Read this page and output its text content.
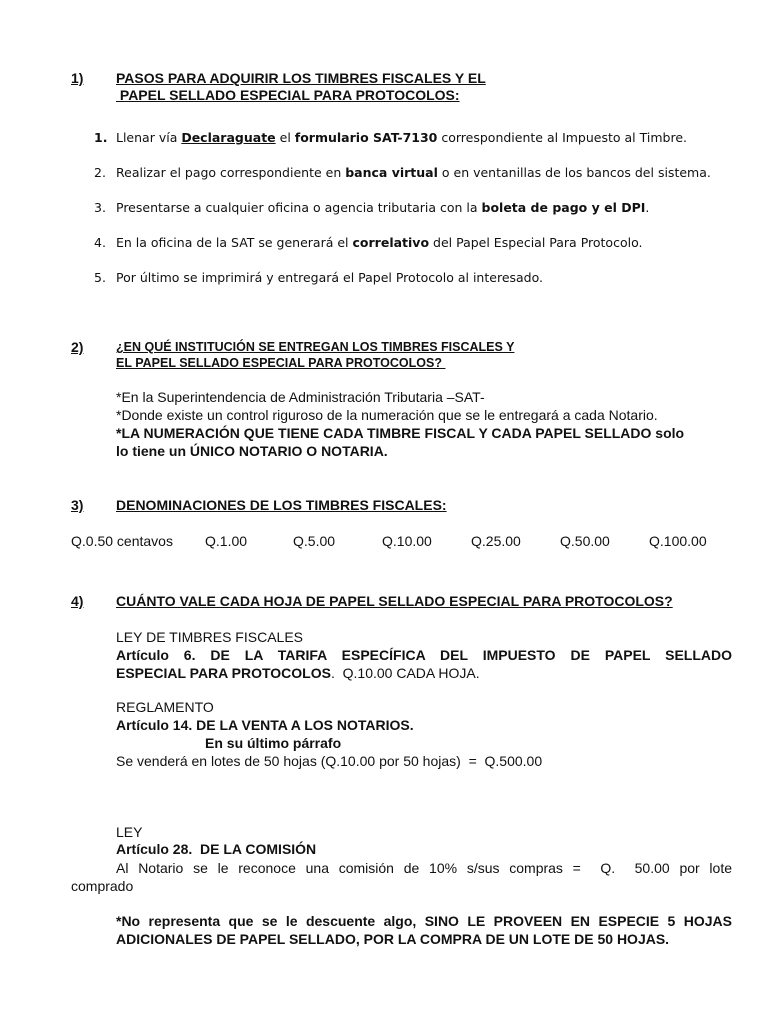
1) PASOS PARA ADQUIRIR LOS TIMBRES FISCALES Y EL
PAPEL SELLADO ESPECIAL PARA PROTOCOLOS:
1. Llenar vía Declaraguate el formulario SAT-7130 correspondiente al Impuesto al Timbre.
2. Realizar el pago correspondiente en banca virtual o en ventanillas de los bancos del sistema.
3. Presentarse a cualquier oficina o agencia tributaria con la boleta de pago y el DPI.
4. En la oficina de la SAT se generará el correlativo del Papel Especial Para Protocolo.
5. Por último se imprimirá y entregará el Papel Protocolo al interesado.
2)	¿EN QUÉ INSTITUCIÓN SE ENTREGAN LOS TIMBRES FISCALES Y
EL PAPEL SELLADO ESPECIAL PARA PROTOCOLOS?
*En la Superintendencia de Administración Tributaria –SAT-
*Donde existe un control riguroso de la numeración que se le entregará a cada Notario.
*LA NUMERACIÓN QUE TIENE CADA TIMBRE FISCAL Y CADA PAPEL SELLADO solo
lo tiene un ÚNICO NOTARIO O NOTARIA.
3) DENOMINACIONES DE LOS TIMBRES FISCALES:
Q.0.50 centavos Q.1.00	Q.5.00	Q.10.00	Q.25.00	Q.50.00	Q.100.00
4) CUÁNTO VALE CADA HOJA DE PAPEL SELLADO ESPECIAL PARA PROTOCOLOS?
LEY DE TIMBRES FISCALES
Artículo 6. DE LA TARIFA ESPECÍFICA DEL IMPUESTO DE PAPEL SELLADO
ESPECIAL PARA PROTOCOLOS.  Q.10.00 CADA HOJA.
REGLAMENTO
Artículo 14. DE LA VENTA A LOS NOTARIOS.
En su último párrafo
Se venderá en lotes de 50 hojas (Q.10.00 por 50 hojas)  =  Q.500.00
LEY
Artículo 28.  DE LA COMISIÓN
Al Notario se le reconoce una comisión de 10% s/sus compras =  Q.  50.00 por lote
comprado
*No representa que se le descuente algo, SINO LE PROVEEN EN ESPECIE 5 HOJAS
ADICIONALES DE PAPEL SELLADO, POR LA COMPRA DE UN LOTE DE 50 HOJAS.
